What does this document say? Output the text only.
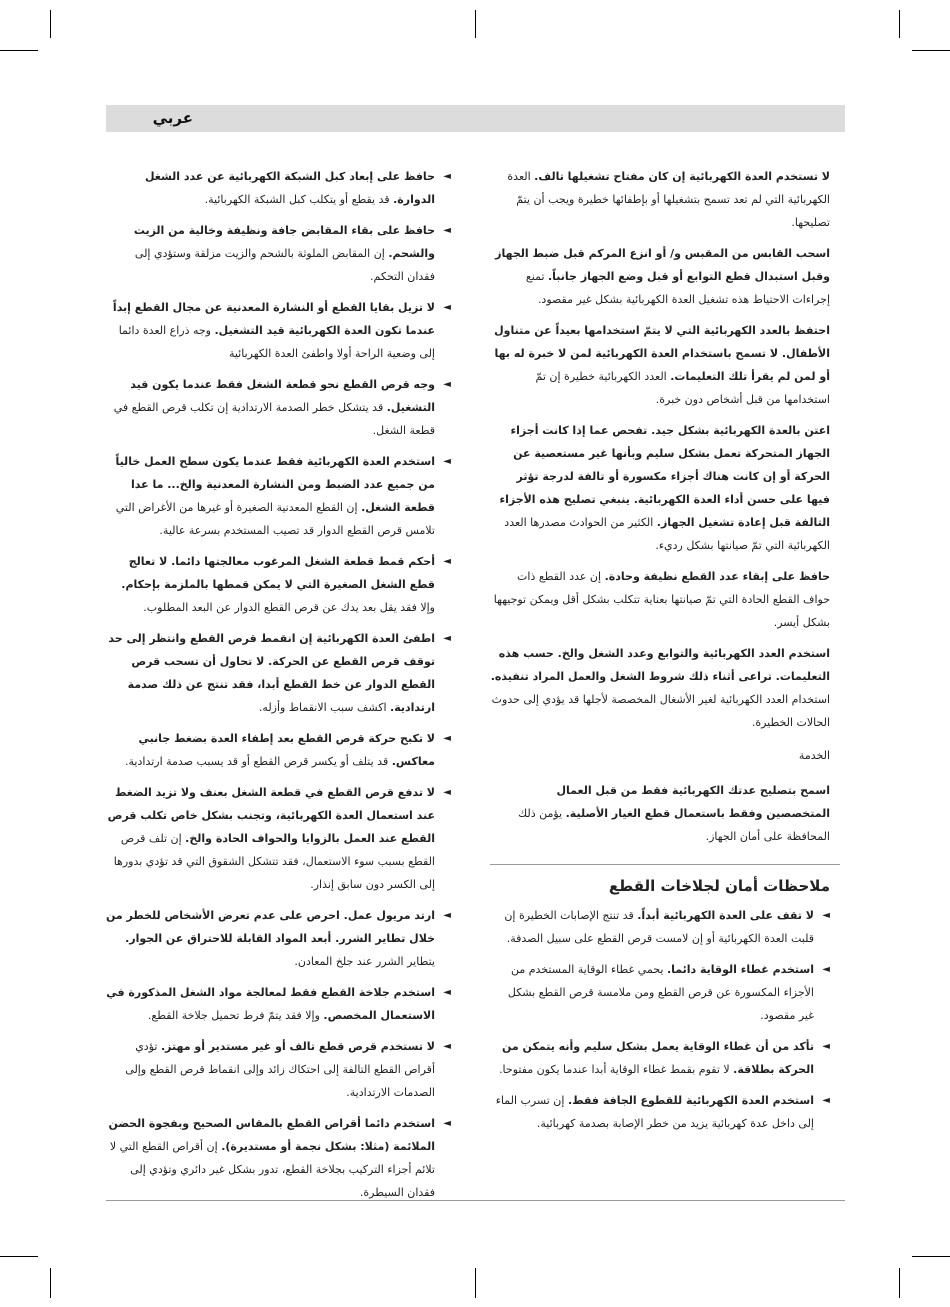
عربي
لا تستخدم العدة الكهربائية إن كان مفتاح تشغيلها تالف. العدة الكهربائية التي لم تعد تسمح بتشغيلها أو بإطفائها خطيرة ويجب أن يتمّ تصليحها.
اسحب القابس من المقبس و/ أو انزع المركم قبل ضبط الجهاز وقبل استبدال قطع التوابع أو قبل وضع الجهاز جانباً. تمنع إجراءات الاحتياط هذه تشغيل العدة الكهربائية بشكل غير مقصود.
احتفظ بالعدد الكهربائية التي لا يتمّ استخدامها بعيداً عن متناول الأطفال. لا تسمح باستخدام العدة الكهربائية لمن لا خبرة له بها أو لمن لم يقرأ تلك التعليمات. العدد الكهربائية خطيرة إن تمّ استخدامها من قبل أشخاص دون خبرة.
اعتن بالعدة الكهربائية بشكل جيد. تفحص عما إذا كانت أجزاء الجهاز المتحركة تعمل بشكل سليم وبأنها غير مستعصية عن الحركة أو إن كانت هناك أجزاء مكسورة أو تالفة لدرجة تؤثر فيها على حسن أداء العدة الكهربائية. ينبغي تصليح هذه الأجزاء التالفة قبل إعادة تشغيل الجهاز. الكثير من الحوادث مصدرها العدد الكهربائية التي تمّ صيانتها بشكل رديء.
حافظ على إبقاء عدد القطع نظيفة وحادة. إن عدد القطع ذات حواف القطع الحادة التي تمّ صيانتها بعناية تتكلب بشكل أقل ويمكن توجيهها بشكل أيسر.
استخدم العدد الكهربائية والتوابع وعدد الشغل والخ. حسب هذه التعليمات. تراعى أثناء ذلك شروط الشغل والعمل المراد تنفيذه. استخدام العدد الكهربائية لغير الأشغال المخصصة لأجلها قد يؤدي إلى حدوث الحالات الخطيرة.
الخدمة
اسمح بتصليح عدتك الكهربائية فقط من قبل العمال المتخصصين وفقط باستعمال قطع الغيار الأصلية. يؤمن ذلك المحافظة على أمان الجهاز.
ملاحظات أمان لجلاخات القطع
◄
لا تقف على العدة الكهربائية أبداً. قد تنتج الإصابات الخطيرة إن قلبت العدة الكهربائية أو إن لامست قرص القطع على سبيل الصدفة.
◄
استخدم غطاء الوقاية دائما. يحمي غطاء الوقاية المستخدم من الأجزاء المكسورة عن قرص القطع ومن ملامسة قرص القطع بشكل غير مقصود.
◄
تأكد من أن غطاء الوقاية يعمل بشكل سليم وأنه يتمكن من الحركة بطلاقة. لا تقوم بقمط غطاء الوقاية أبدا عندما يكون مفتوحا.
◄
استخدم العدة الكهربائية للقطوع الجافة فقط. إن تسرب الماء إلى داخل عدة كهربائية يزيد من خطر الإصابة بصدمة كهربائية.
◄
حافظ على إبعاد كبل الشبكة الكهربائية عن عدد الشغل الدوارة. قد يقطع أو يتكلب كبل الشبكة الكهربائية.
◄
حافظ على بقاء المقابض جافة ونظيفة وخالية من الزيت والشحم. إن المقابض الملوثة بالشحم والزيت مزلقة وستؤدي إلى فقدان التحكم.
◄
لا تزيل بقايا القطع أو النشارة المعدنية عن مجال القطع إبداً عندما تكون العدة الكهربائية قيد التشغيل. وجه ذراع العدة دائما إلى وضعية الراحة أولا واطفئ العدة الكهربائية
◄
وجه قرص القطع نحو قطعة الشغل فقط عندما يكون قيد التشغيل. قد يتشكل خطر الصدمة الارتدادية إن تكلب قرص القطع في قطعة الشغل.
◄
استخدم العدة الكهربائية فقط عندما يكون سطح العمل خالياً من جميع عدد الضبط ومن النشارة المعدنية والخ... ما عدا قطعة الشغل. إن القطع المعدنية الصغيرة أو غيرها من الأغراض التي تلامس قرص القطع الدوار قد تصيب المستخدم بسرعة عالية.
◄
أحكم قمط قطعة الشغل المرغوب معالجتها دائما. لا تعالج قطع الشغل الصغيرة التي لا يمكن قمطها بالملزمة بإحكام. وإلا فقد يقل بعد يدك عن قرص القطع الدوار عن البعد المطلوب.
◄
اطفئ العدة الكهربائية إن انقمط قرص القطع وانتظر إلى حد توقف قرص القطع عن الحركة. لا تحاول أن تسحب قرص القطع الدوار عن خط القطع أبدا، فقد تنتج عن ذلك صدمة ارتدادية. اكشف سبب الانقماط وأزله.
◄
لا تكبح حركة قرص القطع بعد إطفاء العدة بضغط جانبي معاكس. قد يتلف أو يكسر قرص القطع أو قد يسبب صدمة ارتدادية.
◄
لا تدفع قرص القطع في قطعة الشغل بعنف ولا تزيد الضغط عند استعمال العدة الكهربائية، وتجنب بشكل خاص تكلب قرص القطع عند العمل بالزوايا والحواف الحادة والخ. إن تلف قرص القطع بسبب سوء الاستعمال، فقد تتشكل الشقوق التي قد تؤدي بدورها إلى الكسر دون سابق إنذار.
◄
ارتد مريول عمل. احرص على عدم تعرض الأشخاص للخطر من خلال تطاير الشرر. أبعد المواد القابلة للاحتراق عن الجوار. يتطاير الشرر عند جلخ المعادن.
◄
استخدم جلاخة القطع فقط لمعالجة مواد الشغل المذكورة في الاستعمال المخصص. وإلا فقد يتمّ فرط تحميل جلاخة القطع.
◄
لا تستخدم قرص قطع تالف أو غير مستدير أو مهتز. تؤدي أقراص القطع التالفة إلى احتكاك زائد وإلى انقماط قرص القطع وإلى الصدمات الارتدادية.
◄
استخدم دائما أقراص القطع بالمقاس الصحيح وبفجوة الحضن الملائمة (مثلا: بشكل نجمة أو مستديرة). إن أقراص القطع التي لا تلائم أجزاء التركيب بجلاخة القطع، تدور بشكل غير دائري وتؤدي إلى فقدان السيطرة.
